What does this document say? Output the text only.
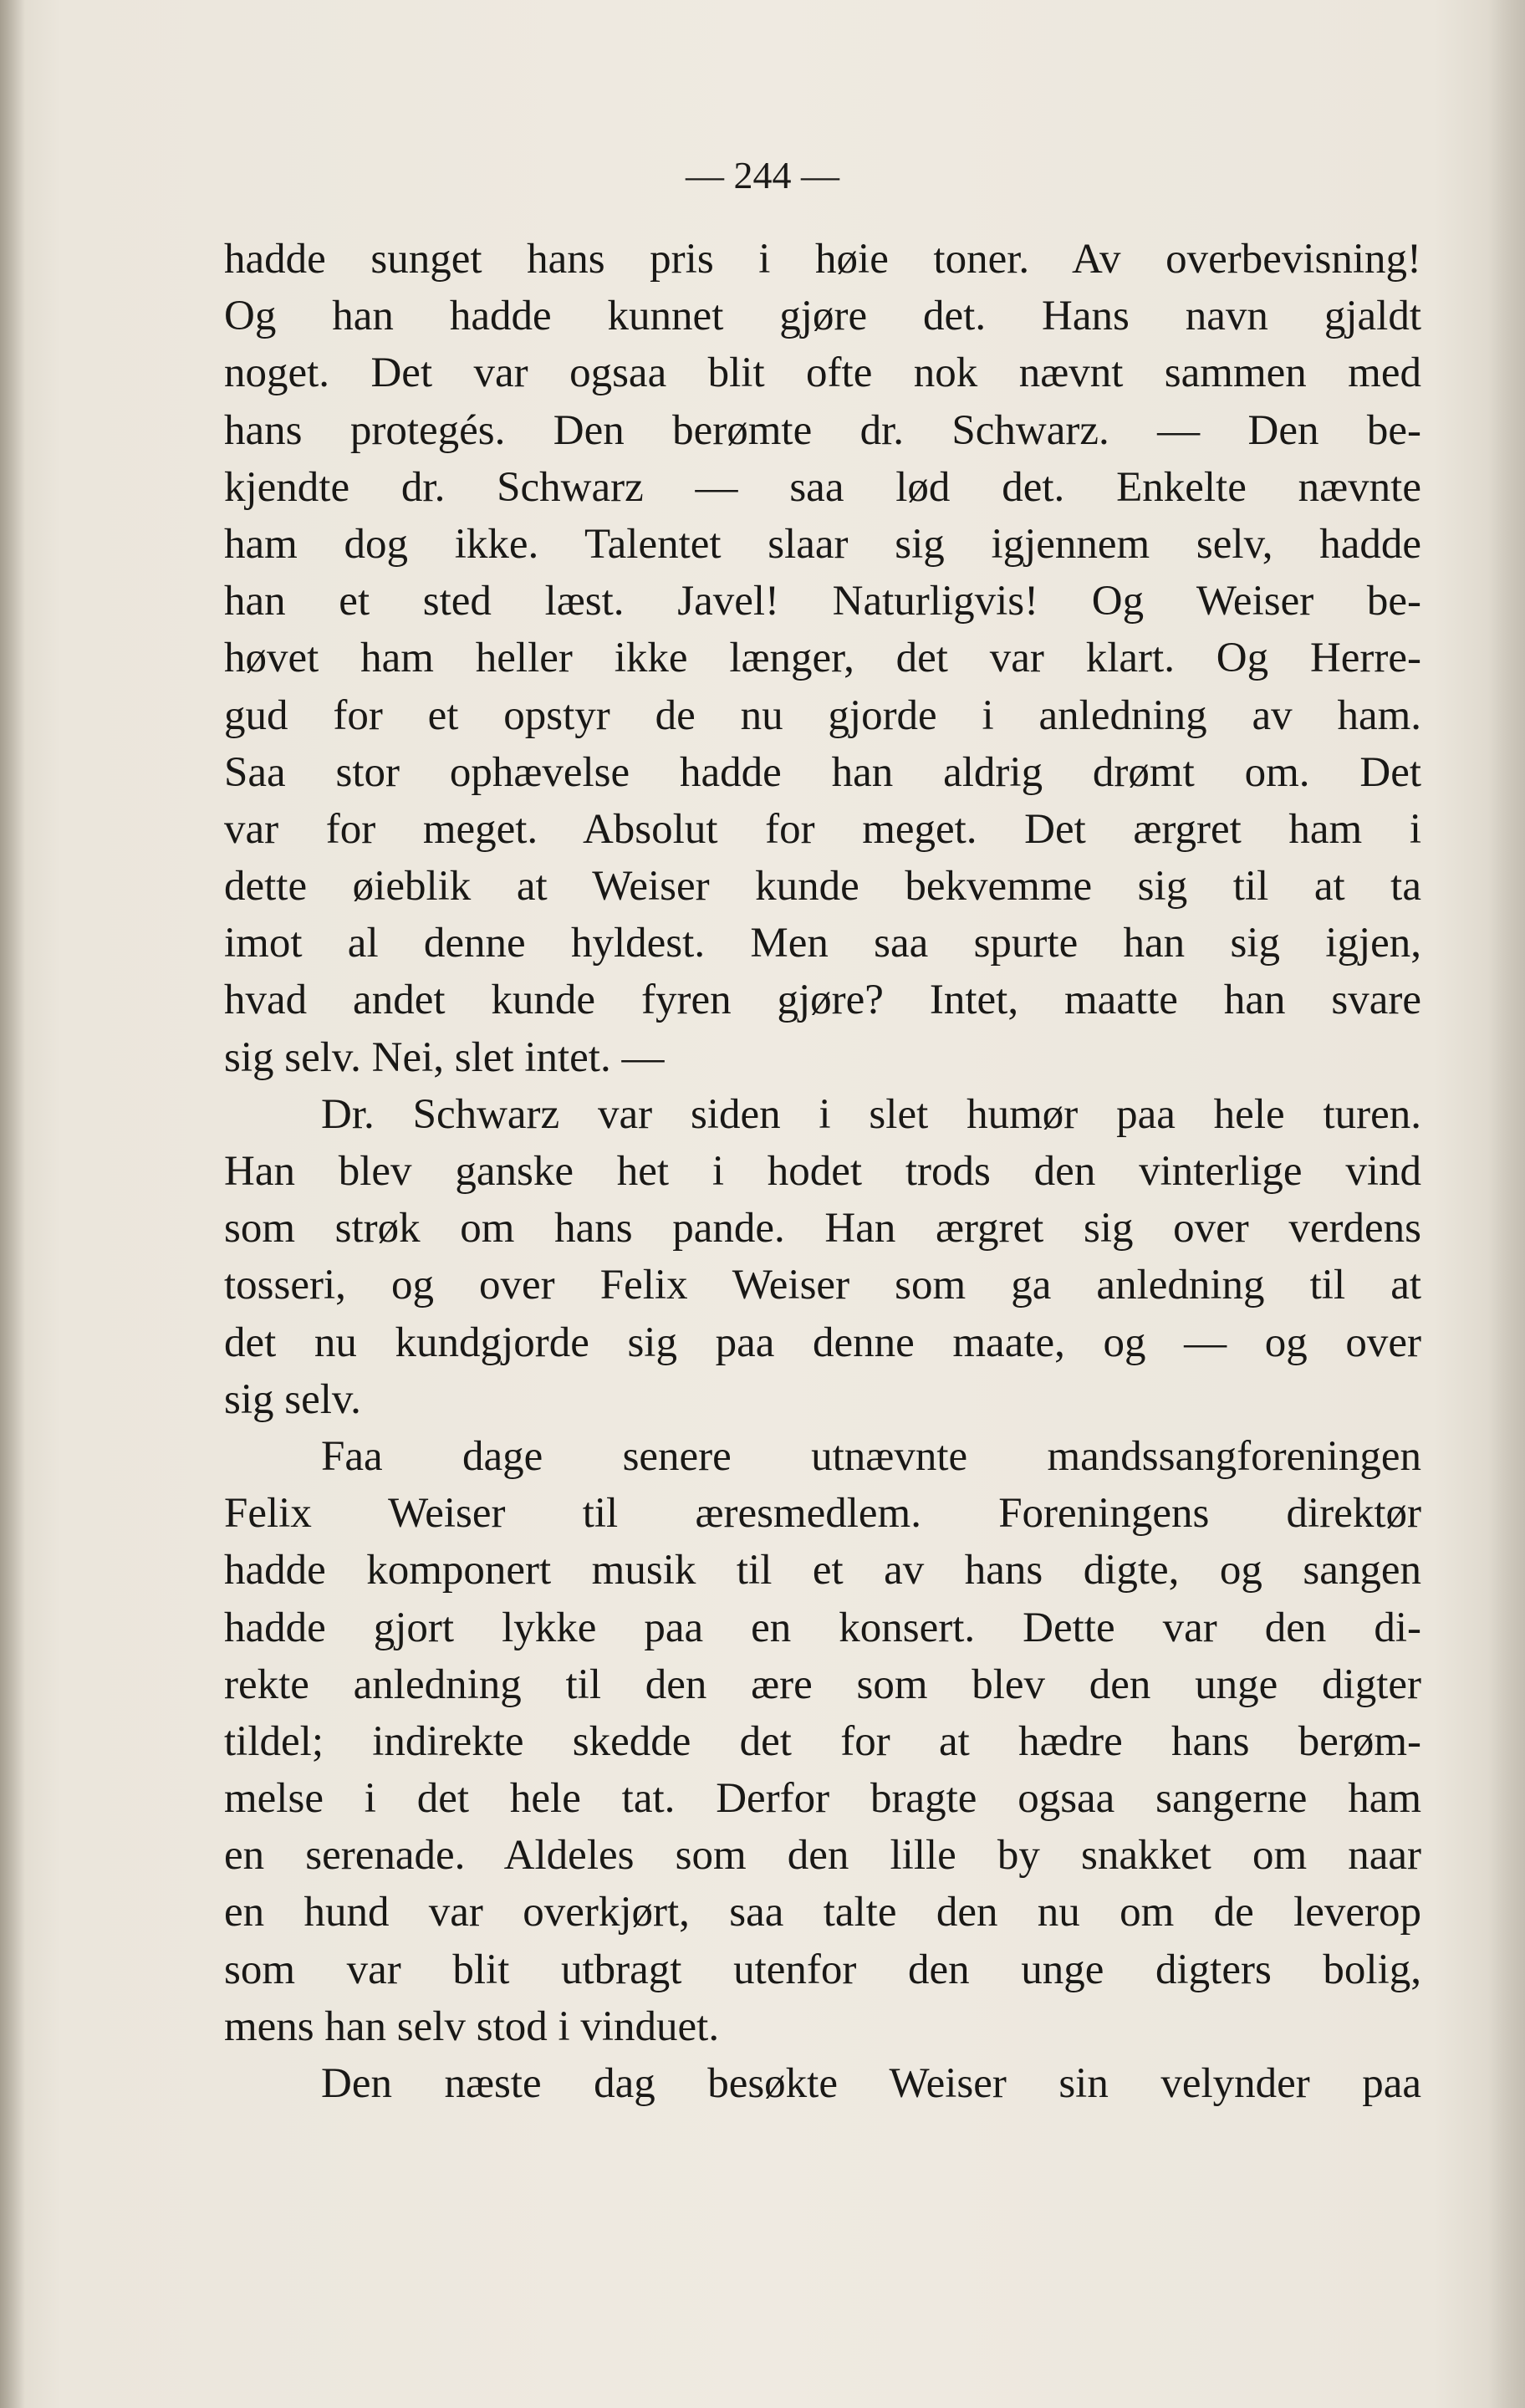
— 244 —
hadde sunget hans pris i høie toner. Av overbevisning!
Og han hadde kunnet gjøre det. Hans navn gjaldt
noget. Det var ogsaa blit ofte nok nævnt sammen med
hans protegés. Den berømte dr. Schwarz. — Den be-
kjendte dr. Schwarz — saa lød det. Enkelte nævnte
ham dog ikke. Talentet slaar sig igjennem selv, hadde
han et sted læst. Javel! Naturligvis! Og Weiser be-
høvet ham heller ikke længer, det var klart. Og Herre-
gud for et opstyr de nu gjorde i anledning av ham.
Saa stor ophævelse hadde han aldrig drømt om. Det
var for meget. Absolut for meget. Det ærgret ham i
dette øieblik at Weiser kunde bekvemme sig til at ta
imot al denne hyldest. Men saa spurte han sig igjen,
hvad andet kunde fyren gjøre? Intet, maatte han svare
sig selv. Nei, slet intet. —
Dr. Schwarz var siden i slet humør paa hele turen.
Han blev ganske het i hodet trods den vinterlige vind
som strøk om hans pande. Han ærgret sig over verdens
tosseri, og over Felix Weiser som ga anledning til at
det nu kundgjorde sig paa denne maate, og — og over
sig selv.
Faa dage senere utnævnte mandssangforeningen
Felix Weiser til æresmedlem. Foreningens direktør
hadde komponert musik til et av hans digte, og sangen
hadde gjort lykke paa en konsert. Dette var den di-
rekte anledning til den ære som blev den unge digter
tildel; indirekte skedde det for at hædre hans berøm-
melse i det hele tat. Derfor bragte ogsaa sangerne ham
en serenade. Aldeles som den lille by snakket om naar
en hund var overkjørt, saa talte den nu om de leverop
som var blit utbragt utenfor den unge digters bolig,
mens han selv stod i vinduet.
Den næste dag besøkte Weiser sin velynder paa
